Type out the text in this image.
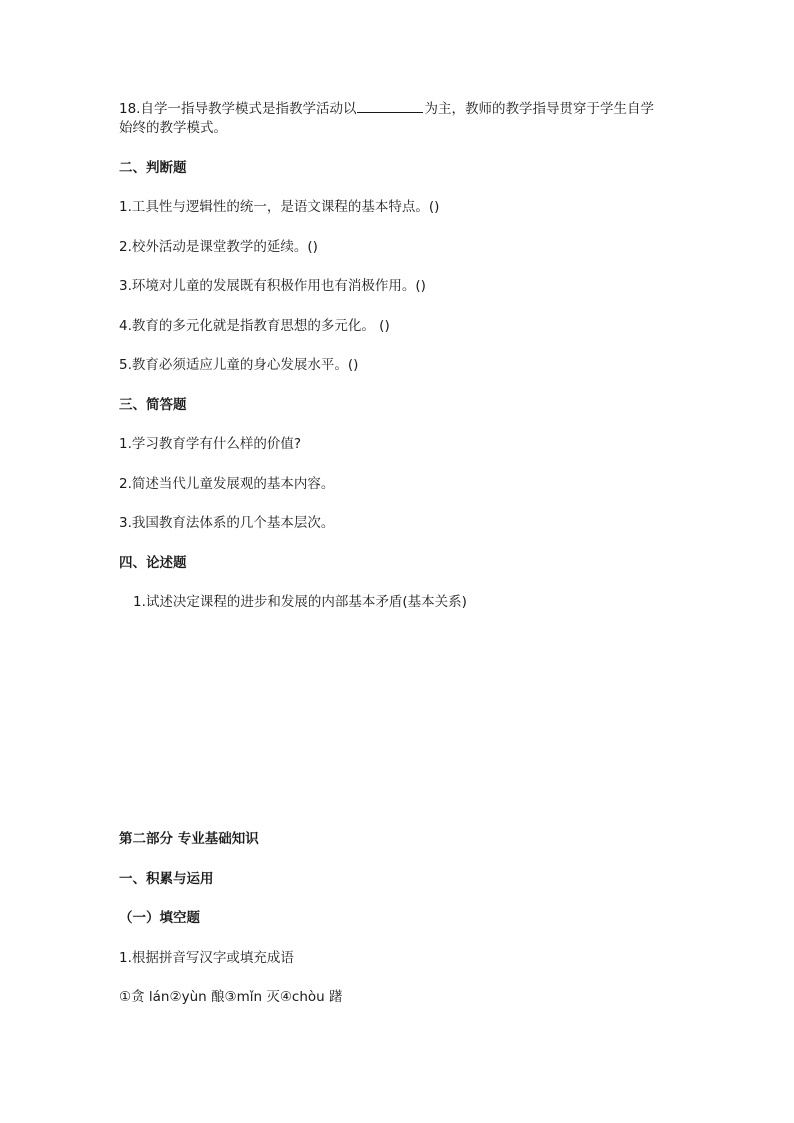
18.自学一指导教学模式是指教学活动以	为主，教师的教学指导贯穿于学生自学
始终的教学模式。
二、判断题
1.工具性与逻辑性的统一，是语文课程的基本特点。()
2.校外活动是课堂教学的延续。()
3.环境对儿童的发展既有积极作用也有消极作用。()
4.教育的多元化就是指教育思想的多元化。 ()
5.教育必须适应儿童的身心发展水平。()
三、简答题
1.学习教育学有什么样的价值?
2.简述当代儿童发展观的基本内容。
3.我国教育法体系的几个基本层次。
四、论述题
1.试述决定课程的进步和发展的内部基本矛盾(基本关系)
第二部分 专业基础知识
一、积累与运用
（一）填空题
1.根据拼音写汉字或填充成语
①贪 lán②yùn 酿③mǐn 灭④chòu 躇
